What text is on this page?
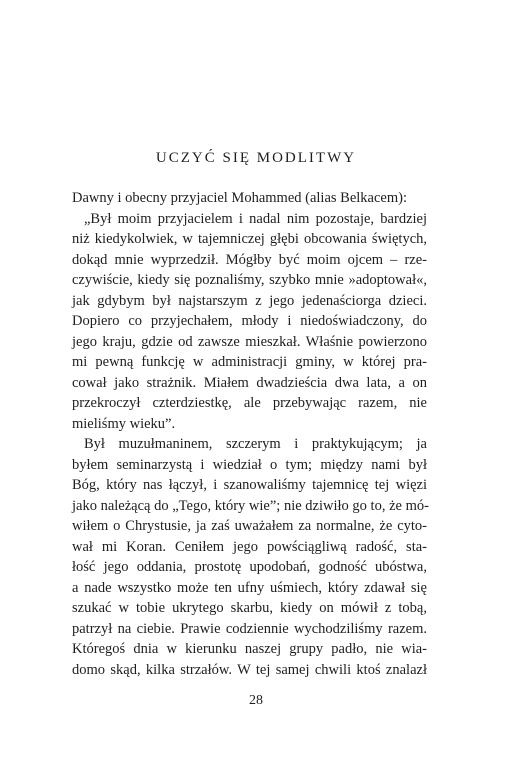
UCZYĆ SIĘ MODLITWY
Dawny i obecny przyjaciel Mohammed (alias Belkacem):
„Był moim przyjacielem i nadal nim pozostaje, bardziej
niż kiedykolwiek, w tajemniczej głębi obcowania świętych,
dokąd mnie wyprzedził. Mógłby być moim ojcem – rze-
czywiście, kiedy się poznaliśmy, szybko mnie »adoptował«,
jak gdybym był najstarszym z jego jedenaściorga dzieci.
Dopiero co przyjechałem, młody i niedoświadczony, do
jego kraju, gdzie od zawsze mieszkał. Właśnie powierzono
mi pewną funkcję w administracji gminy, w której pra-
cował jako strażnik. Miałem dwadzieścia dwa lata, a on
przekroczył czterdziestkę, ale przebywając razem, nie
mieliśmy wieku”.
Był muzułmaninem, szczerym i praktykującym; ja
byłem seminarzystą i wiedział o tym; między nami był
Bóg, który nas łączył, i szanowaliśmy tajemnicę tej więzi
jako należącą do „Tego, który wie”; nie dziwiło go to, że mó-
wiłem o Chrystusie, ja zaś uważałem za normalne, że cyto-
wał mi Koran. Ceniłem jego powściągliwą radość, sta-
łość jego oddania, prostotę upodobań, godność ubóstwa,
a nade wszystko może ten ufny uśmiech, który zdawał się
szukać w tobie ukrytego skarbu, kiedy on mówił z tobą,
patrzył na ciebie. Prawie codziennie wychodziliśmy razem.
Któregoś dnia w kierunku naszej grupy padło, nie wia-
domo skąd, kilka strzałów. W tej samej chwili ktoś znalazł
28
